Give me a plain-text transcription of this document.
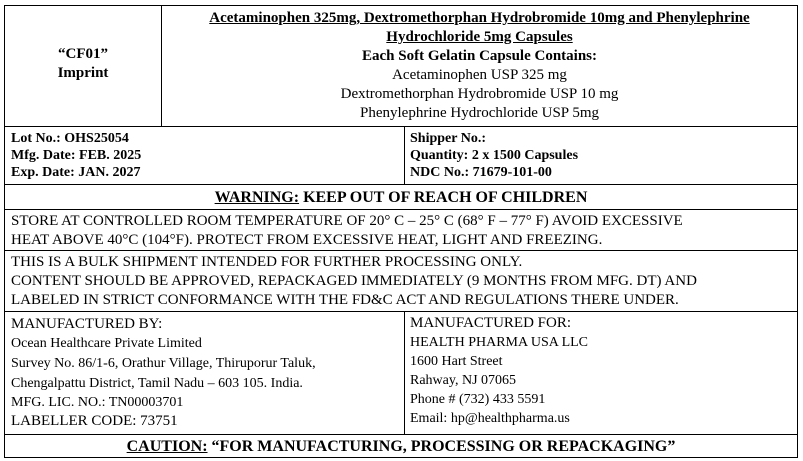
“CF01”
Imprint
Acetaminophen 325mg, Dextromethorphan Hydrobromide 10mg and Phenylephrine
Hydrochloride 5mg Capsules
Each Soft Gelatin Capsule Contains:
Acetaminophen USP 325 mg
Dextromethorphan Hydrobromide USP 10 mg
Phenylephrine Hydrochloride USP 5mg
Lot No.: OHS25054
Mfg. Date: FEB. 2025
Exp. Date: JAN. 2027
Shipper No.:
Quantity: 2 x 1500 Capsules
NDC No.: 71679-101-00
WARNING: KEEP OUT OF REACH OF CHILDREN
STORE AT CONTROLLED ROOM TEMPERATURE OF 20° C – 25° C (68° F – 77° F) AVOID EXCESSIVE
HEAT ABOVE 40°C (104°F). PROTECT FROM EXCESSIVE HEAT, LIGHT AND FREEZING.
THIS IS A BULK SHIPMENT INTENDED FOR FURTHER PROCESSING ONLY.
CONTENT SHOULD BE APPROVED, REPACKAGED IMMEDIATELY (9 MONTHS FROM MFG. DT) AND
LABELED IN STRICT CONFORMANCE WITH THE FD&C ACT AND REGULATIONS THERE UNDER.
MANUFACTURED BY:
Ocean Healthcare Private Limited
Survey No. 86/1-6, Orathur Village, Thiruporur Taluk,
Chengalpattu District, Tamil Nadu – 603 105. India.
MFG. LIC. NO.: TN00003701
LABELLER CODE: 73751
MANUFACTURED FOR:
HEALTH PHARMA USA LLC
1600 Hart Street
Rahway, NJ 07065
Phone # (732) 433 5591
Email: hp@healthpharma.us
CAUTION: “FOR MANUFACTURING, PROCESSING OR REPACKAGING”
